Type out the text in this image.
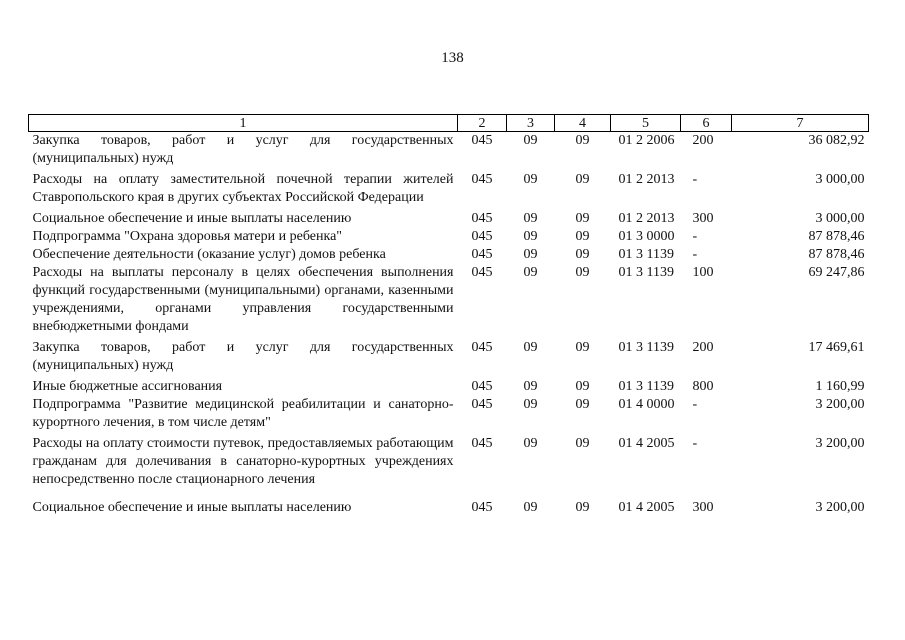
138
1	2	3	4	5	6	7
Закупка товаров, работ и услуг для государственных (муниципальных) нужд	045	09	09	01 2 2006	200	36 082,92
Расходы на оплату заместительной почечной терапии жителей Ставропольского края в других субъектах Российской Федерации	045	09	09	01 2 2013	-	3 000,00
Социальное обеспечение и иные выплаты населению	045	09	09	01 2 2013	300	3 000,00
Подпрограмма "Охрана здоровья матери и ребенка"	045	09	09	01 3 0000	-	87 878,46
Обеспечение деятельности (оказание услуг) домов ребенка	045	09	09	01 3 1139	-	87 878,46
Расходы на выплаты персоналу в целях обеспечения выполнения функций государственными (муниципальными) органами, казенными учреждениями, органами управления государственными внебюджетными фондами	045	09	09	01 3 1139	100	69 247,86
Закупка товаров, работ и услуг для государственных (муниципальных) нужд	045	09	09	01 3 1139	200	17 469,61
Иные бюджетные ассигнования	045	09	09	01 3 1139	800	1 160,99
Подпрограмма "Развитие медицинской реабилитации и санаторно-курортного лечения, в том числе детям"	045	09	09	01 4 0000	-	3 200,00
Расходы на оплату стоимости путевок, предоставляемых работающим гражданам для долечивания в санаторно-курортных учреждениях непосредственно после стационарного лечения	045	09	09	01 4 2005	-	3 200,00

Социальное обеспечение и иные выплаты населению	045	09	09	01 4 2005	300	3 200,00
